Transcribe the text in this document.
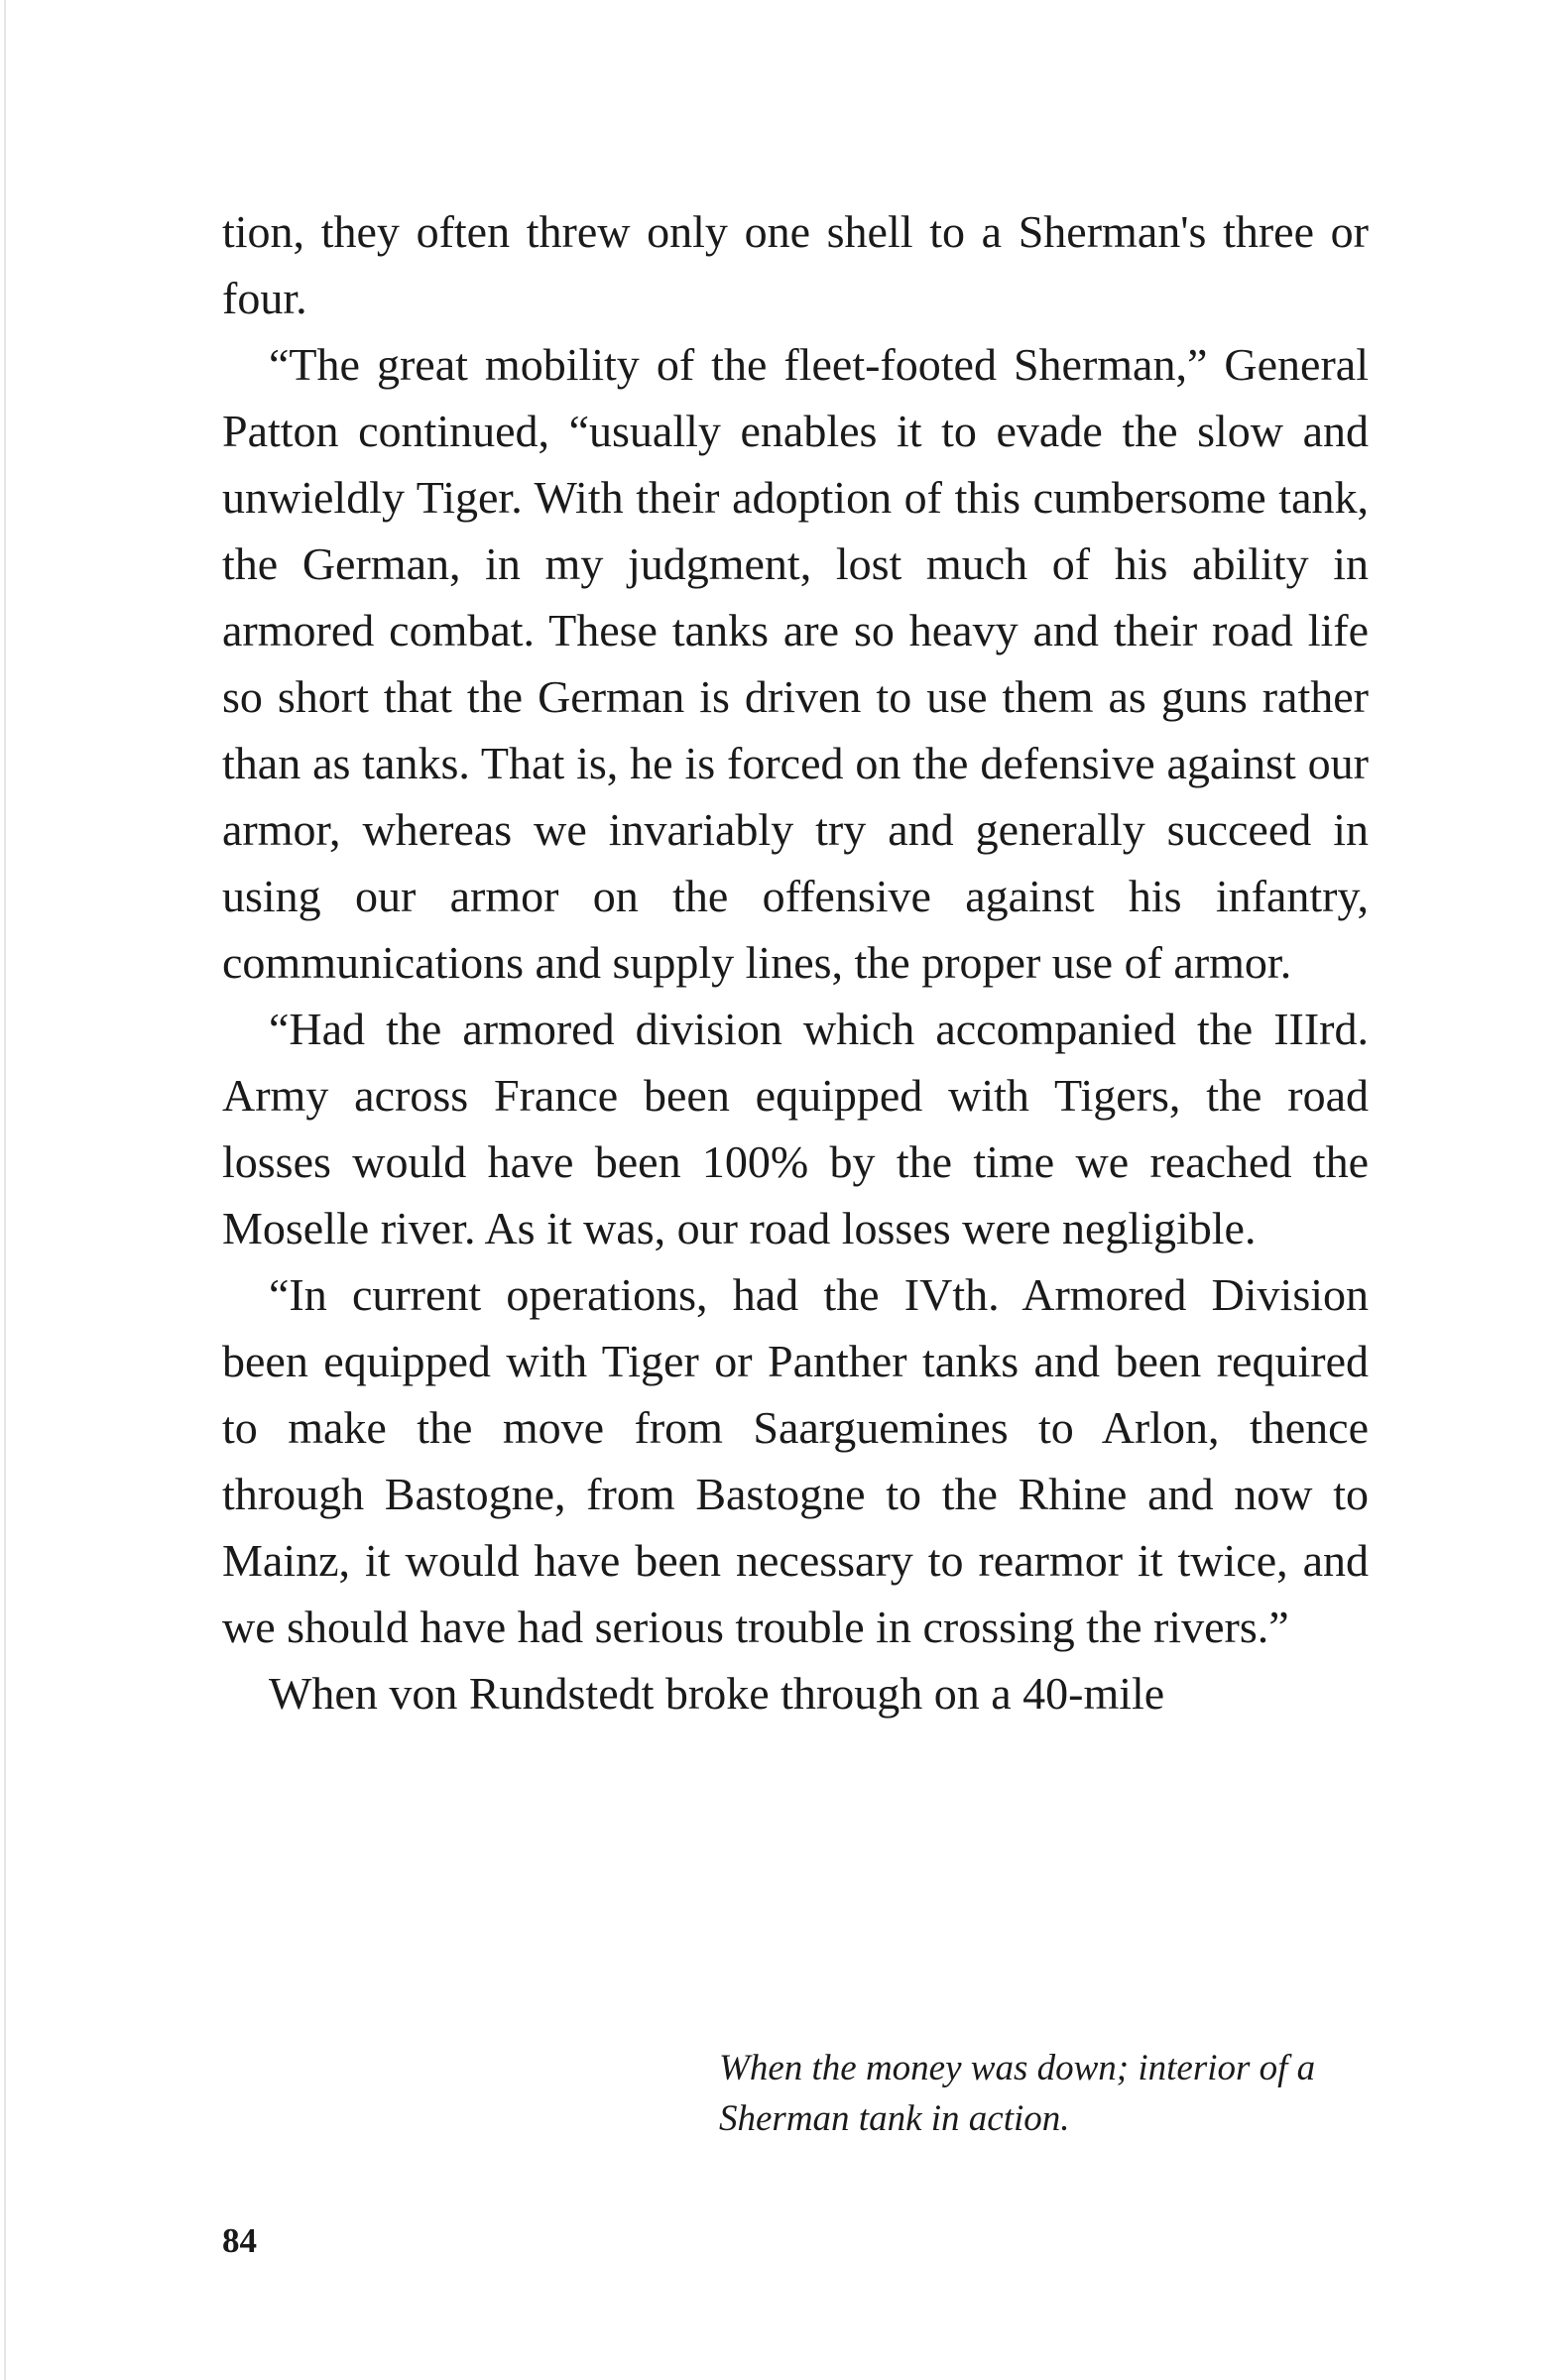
tion, they often threw only one shell to a Sherman's three or four.

“The great mobility of the fleet-footed Sherman,” General Patton continued, “usually enables it to evade the slow and unwieldly Tiger. With their adoption of this cumbersome tank, the German, in my judgment, lost much of his ability in armored combat. These tanks are so heavy and their road life so short that the German is driven to use them as guns rather than as tanks. That is, he is forced on the defensive against our armor, whereas we invariably try and generally succeed in using our armor on the offensive against his infantry, communications and supply lines, the proper use of armor.

“Had the armored division which accompanied the IIIrd. Army across France been equipped with Tigers, the road losses would have been 100% by the time we reached the Moselle river. As it was, our road losses were negligible.

“In current operations, had the IVth. Armored Division been equipped with Tiger or Panther tanks and been required to make the move from Saarguemines to Arlon, thence through Bastogne, from Bastogne to the Rhine and now to Mainz, it would have been necessary to rearmor it twice, and we should have had serious trouble in crossing the rivers.”

When von Rundstedt broke through on a 40-mile

When the money was down; interior of a Sherman tank in action.

84
